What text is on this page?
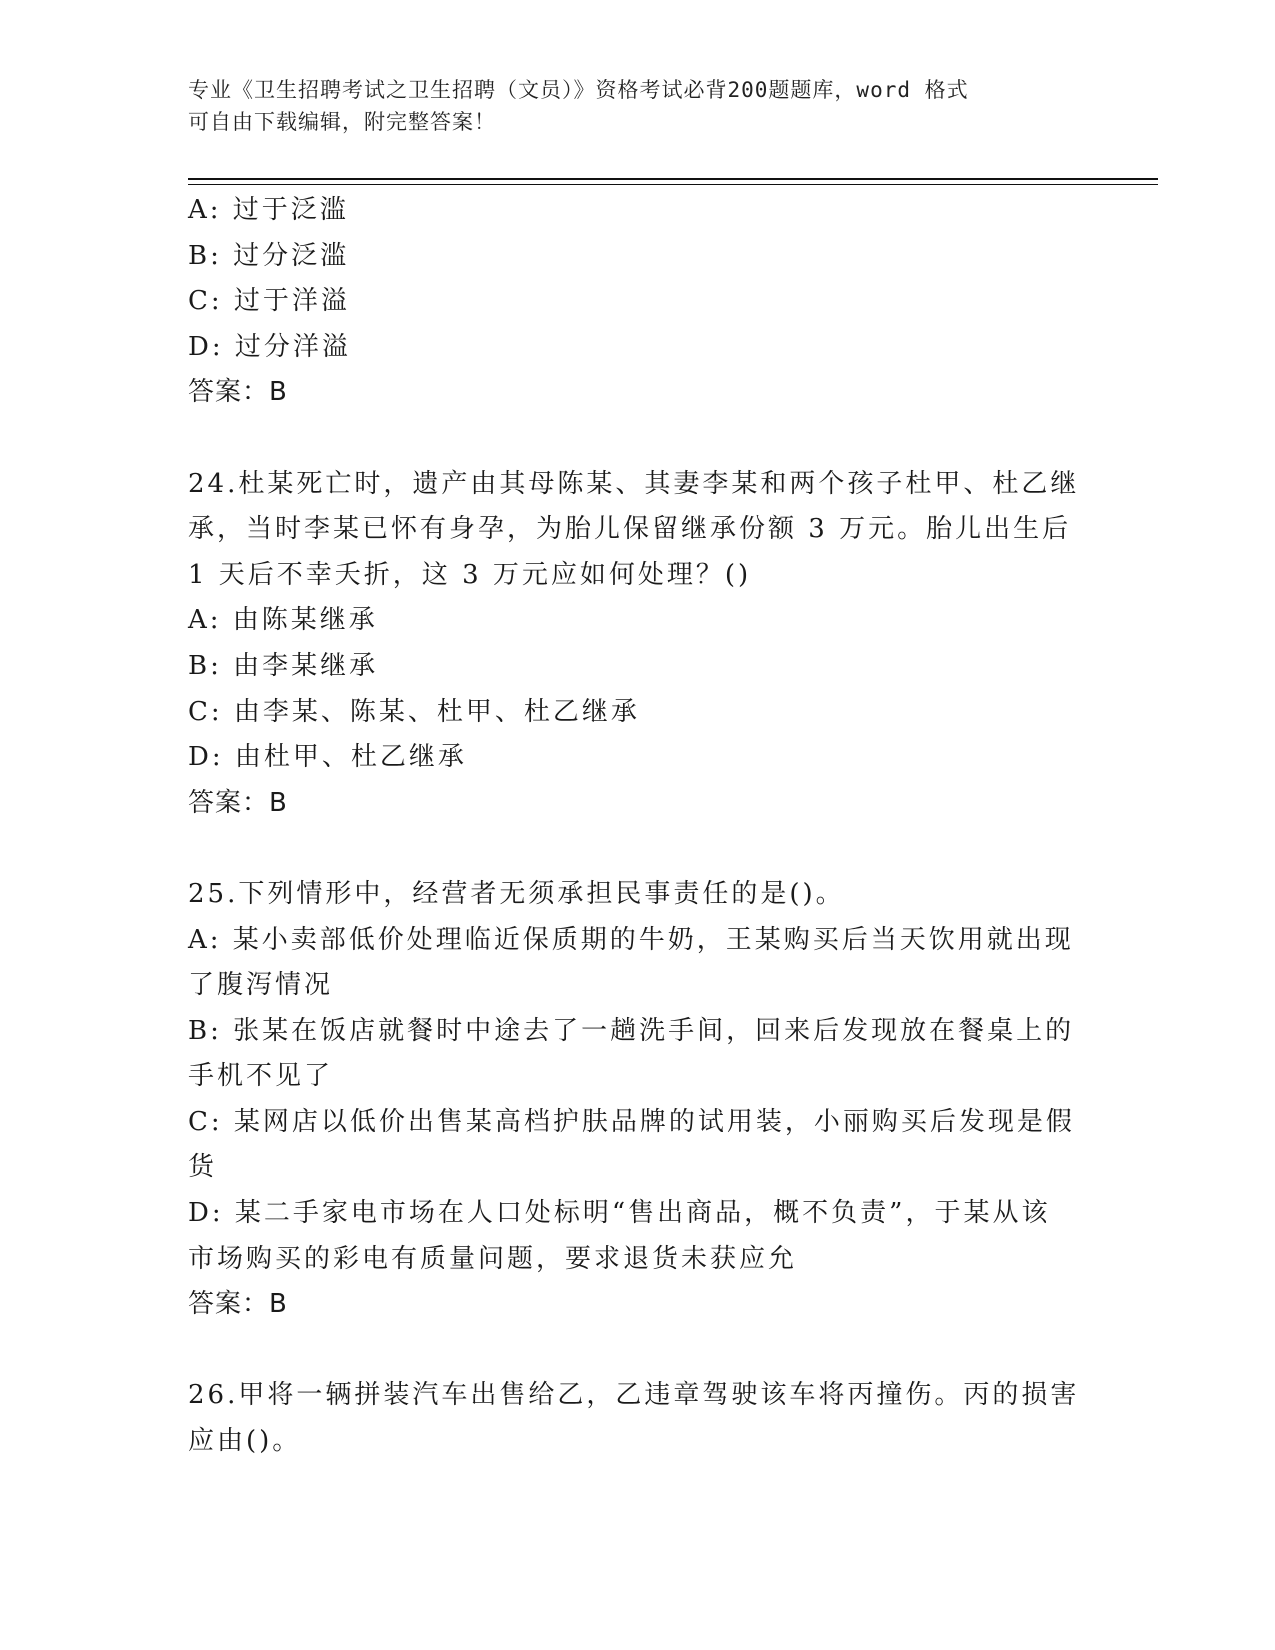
专业《卫生招聘考试之卫生招聘（文员）》资格考试必背200题题库，word 格式
可自由下载编辑，附完整答案！
A: 过于泛滥
B: 过分泛滥
C: 过于洋溢
D: 过分洋溢
答案：B
24.杜某死亡时，遗产由其母陈某、其妻李某和两个孩子杜甲、杜乙继
承，当时李某已怀有身孕，为胎儿保留继承份额 3 万元。胎儿出生后
1 天后不幸夭折，这 3 万元应如何处理？()
A: 由陈某继承
B: 由李某继承
C: 由李某、陈某、杜甲、杜乙继承
D: 由杜甲、杜乙继承
答案：B
25.下列情形中，经营者无须承担民事责任的是()。
A: 某小卖部低价处理临近保质期的牛奶，王某购买后当天饮用就出现
了腹泻情况
B: 张某在饭店就餐时中途去了一趟洗手间，回来后发现放在餐桌上的
手机不见了
C: 某网店以低价出售某高档护肤品牌的试用装，小丽购买后发现是假
货
D: 某二手家电市场在人口处标明“售出商品，概不负责”，于某从该
市场购买的彩电有质量问题，要求退货未获应允
答案：B
26.甲将一辆拼装汽车出售给乙，乙违章驾驶该车将丙撞伤。丙的损害
应由()。
